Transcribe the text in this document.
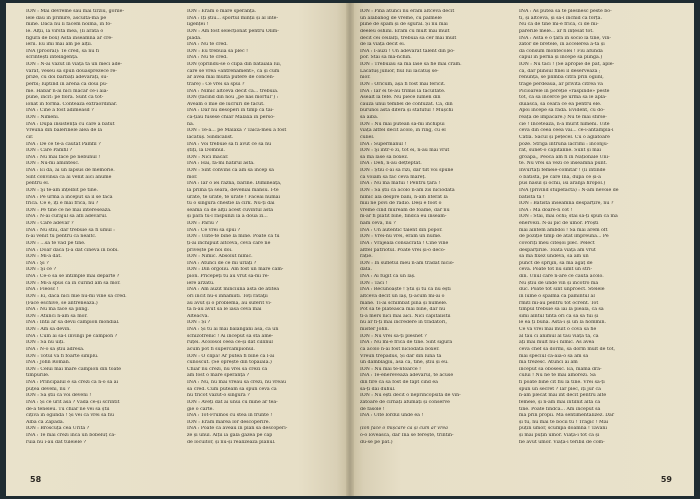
ION : Mai devreme sau mai tîrziu, gorile-

lele dau în primire, ascultă-mă pe

mine. Dacă nu li facem noima, în fo-

le. Alții, la vîrsta mea, (Îi arată o

figura de box) Asta înseamnă ar cre-

ierii. Eu îmi mai am pe alții.

INA (prooral): Te cred, să nu fi

scrîntești intelligența.

ION : N-ai văzut în viața ta un meci ade-

vărat, veseu să spun douăsprezece re-

prize, cu doi bărbați adevărați, su-

perbi; luptînd în arenă ca doui pu-

me. Habar n-ai nici măcar ce-i aia-

pune, încît: pe floră. Sunt că tot-

ionat în forma. Contează extraordinar.

INA : Cine a fost adimeasd ?

ION : Nimeni.

INA : După insistența cu care a bătut

Vreuna din balerinele alea de la

cir.

INA : De ce te-a căutat Pamfil ?

ION : Care Pamfil ?

INA : Nu mai face pe nebunul !

ION : Nu-mi amintesc.

INA : Ei da, ai un lapsus de memorie.

Sînt convinsă că ai venit aici anume

pentru el.

ION : Şi te-am înțelbit pe tine.

INA : Pe urmă a început să îl se facă

frică. Ce e, îți e mai frică, nu ?

ION : Pe tine ce ne mai înteresează.

INA : N-ai curajul să afli adevărul.

ION : Care adevăr ?

INA : Nu stiu, dar trebuie să fi umul :

n-ai venit tu pentru că nealtc.

ION : ...să te văd pe tine.

INA : Doar dacă ți-a dat cineva în bobi.

ION : Mi-a dat.

INA : Şi ?

ION : Şi ce ?

INA : Ce-o să se întîmple mai departe ?

ION : Mi-a spus că în curînd am să mor.

INA : Fleosc !

ION : Ei, dacă nici mie nu-mi vine să cred.

(Face eschive, se antrenează.)

INA : Nu mă face să plîng.

ION : Atunci n-am să mor.

INA : Intîi ar să devii campion mondial.

ION : Am să devin.

INA : Cum ai să-l învingi pe campion ?

ION : Să nu uiți.

INA : N-o să știu adresa.

ION : Totul va fi foarte simplu.

INA : John Roman.

ION : Celui mai mare campion din toate

timpurile.

INA : Principalul e să crezi că n-o să ai

puțea deveni, nu ?

ION : Să știi că voi deveni !

INA : Și ce urît asa ? Vădă ce-și scrîntit

de-a teneleu. Tu chiar ne vei să știi

cîțiva în ogîindă ! Și vei ca vrei să fiu

Albă ca Zăpadă.

ION : Broscuța cea Urîtă ?

INA : Te mai crezi încă un bobeluț că-

ruia nu i-au dat tuleiele ?

ION : Eram o mare speranță.

INA : Îți știu... sportul minții și al inte-

ligenței !

ION : Am fost selecționat pentru Olim-

piadă.

INA : Nu te cred.

ION : Eu trebuia să plec !

INA : Nu te cred.

ION (oprindu-se o clipă din bătăiala lui,

care se vrea «antrenament», ca și cum

ar avea mai multă putere de concen-

trare) : Ce vrei să spui ?

INA : Nimic altceva decît că... trebuia.

ION (făcînd din nou „pe nas mortul”) :

Aveam o mie de lucruri de făcut.

INA : Dar nu desoperi în timp că tai-

că-țiau fusese chiar Malaxa în perso-

nă.

ION : Te-a... pe Malaxa ? Taică-meu a fost

lăcătuș. Sindicalist.

INA : Voi trebuie să fi avut ce să nu

știți, la Domnul.

ION : Nici măcar.

INA : Hai, fă-mi hatîrul ăsta.

ION : Sînt convins că am să încep să

mor.

INA : Iar o iei razna, bărîne. Dimineața,

la prima ță seara, deveniai mansu. I-te

urâte, te urâte, te urâte ! Faceai numai

tu o singură chestie la cirk. Nu-ți dai

seama că de alții acest cuvîntul ăsta

și para tu-l râspunzi la a doua zi...

ION : Pariu ?

INA : Ce vrei să spui ?

ION : Ulite-te bine la mine. Poate că tu

ți-ai închipuit altceva, ceva care ne

privește pe noi doi.

ION : Nimic. Absolut nimic.

INA : Atunci de ce mi urlați ?

ION : Din orgoliu. Am fost un mare cam-

pion. Pricepeți tu au vrut să-mi re-

iere arzătu.

INA : Am auzit minciuna asta de atîtea

ori încît nu-s înhamiiti. Toți rataţii

au avut și o problemă, au suferit vi-

ta n-au avut să le iasă ceva mai

Alteacva.

ION : Și ?

INA : Și tu ai mai bălăngăni asa, ca un

schizofrenic ! Ai început să stă ame-

ruței. Acolosol ceea ce-și dat cillinul

acum pot fi supercampionul.

ION : O clipă! Ar putea fi bine că l-ai

cunoscut. (Se oprește din topăiaIă.)

Chiar nu crezi, nu vrei să crezi că

am fost o mare speranță ?

INA : Nu, nu mai vreau să crezi, nu vreau

să cred. Cum puteam să spun ceva că

nu tricot văzut-o singură ?

ION : Aveți dat ai unui cu mine ar tea-

gie o carte.

INA : Tot-Frumos cu stea în frunte !

ION : Eram marea lor descoperire.

INA : Poate că aveau în plan să descoperi-

ze și unul. Alții ia gală găzeă pe cap

de locuitor, și nu-și realizează planul.

58

ION : Pînă atunci nu eram altceva decît

un alăbănog de vreme, cu palmele

pline de spam și de sgurăl. Și nu mai

deeleu oshini. Eram cu mult mai mult

decît cei ceilalți, trebuia să cer mai mult

de la viață decît ei.

INA : I-auzi ! Un adevărat talent din po-

por. Stai să mă-nchin.

ION : Trebuiau să mă lase să fie mai cram.

Lăcătuș junior, fiul lui lăcătuș se-

nior.

ION : Oricum, așa fi fost mai fericit.

INA : Iar ei te-au trimis la facultate.

Asealt la fefe. Nu piece lumen din

cauza unui tembel de confuzat. Că, din

burunoi asta diferă și statutul ! Mușchi

să aibă.

ION : Nu mai putean să-mi închipui

viața altfel decît acolo, în ring, cu el

culiel.

INA : Supermanul !

ION : Şi într-o zi, tot ei, n-au mai vrut

să mă lase să boxez.

INA : Deh, n-au dețteptat.

ION : Știu c-ai să rîzi, dar tilt voi spune

că voiam să fac ceva măreț.

INA : Nu mă mătui ! Pentru țară !

ION : Să știi că acolo n-am zis niciodată

nimic ăla despre bani, n-am literat la

mîii ne povi de radio. Deși e foot o

vreme cînd muream de foame, dar nu

m-ar fi plătit bine, fîndcă eu înseam-

nam ceva, nu ?

INA : Un autentic talent din popor.

ION : Vrei-nu vrei, eram un nume.

INA : Vrăjeală consacrată ! Cine vine

altfel patriotul. Poate vrei și-o deco-

rație.

ION : În sufletul meu n-am trădat nicio-

dată.

INA : Ai fugit ca un laș.

ION : Taci !

INA : Recunoaște ! Știi și tu că nu ești

altceva decît un laș, ți-acum mi-ai o

mane. Ti-ai schimbat pînă și numele.

Pot să te plătească mai bine, dar nu

ti-a mers nici mai aici. Nici capitalistii

nu ar fi-ți mai încredere în trădători,

mister John.

ION : Nu vrei să-ți plesnet ?

INA : Nu mi-e frică de tine. Sînt sigură

că acolo n-ai fost niciodată boxer.

Vreun trepădus, Și dar din luna ta

un damblagiu, asa ca, tine, știu și eu.

ION : Nu mai te-ntoarce !

INA : Te-enerevează adevărul, te acuse

din fire ca să fost de fapt cînd ea

să-ți dai duhul.

ION : Nu ești decit o neprincopsită de vîn-

zătoare de cîrnați afumați și conserve

de fasole !

INA : Ulte lordul unde ea !

(Ion face o mișcare ca și cum ar vrea

o-o lovească, dar Ina se ferește, trîntin-

du-se pe pat.)

INA : As putea să te plesnesc peste bo-

ti, și altceva, și să-l închid că forța.

Nu că de tine mi-e frică, ci de mi-

părerile mele... ar fi înțesat tot.

INA : Asta e o țară în socio la tine, vin-

zător de bretele, în accelerea a-ta și

da consum montecolei ! Fiu afundă

capul în perna și începe să plîngă.)

ION : Nu taci ! (Se apropie de pat, aple-

că, dar plînsul finei il deserveaza ;

renunță, se plimbă cîtra prin ogîinl,

trage perdeaua, ar privită cîtreă vă

Picioarele in pereție «răspinde» peste

tot, ca să încerce pe urmă să le aplâ-

duiască, să ceară ce ea pentru ele.

Apoi începe să râdă. Evident, cu do-

reața de împăcare.) Nu te mai sfîrse-

cie ! Încetează, n-a murit nimeni. Uite

ceva din ceea ceea vai... ce-i-ântămpla-i

Câtla. Sacul și pețecel. Cu o aglatoare

poze. Strigă întruna lăcrimi : înconju-

rat, sunet-o căpitanne. Sunt și mai

groapă,, Peocă am fi în Naționale Uni-

te. Nu vrei să vezi ce înseamnă punt.

Invurtați femeie-comitar ! (Îi întinde

o batistă, pe care Ina, după ce și-a

pus nasul și ochii, îsi aranjă hropol.)

INA (privind stupefactă) : N-am nevoie de

batista ta !

ION : Batista înseamnă despărțire, nu ?

INA : Mă doare-n cot !

ION : Stai, mai ochi; stai să-ți spun că mă

enervezi. N-ai pic de umor. Proști

mai aintem ambdoi ! Să mai arem oft

de poziție timp de atat împreună... Pe

covoriți meu cîteșoi plec. Pelect

despărțirile. Toată viața am vrut

să mă fixez undeva, să am un

punct de sprijin, să mă agăț de

ceva. Poate tot nu simt un stri-

din. Unul care n-are ce căuta acolo.

Nu știu de unde vin și încotro mă

duc. Poate tot sînt unproect. Stelele

în lume o spalmă că pămîntul ăl

rmitl mi-au pentru tot ocrent. Tot

timpul trebuie să iai la pieâlă, ca să

simi alntul tîntă ori ca sa să tui și

le ea ți bună. Ăsta-i și un la hommin.

Ce vă vrei mai mult o cova să fie

al tău ci animul al tău viața ta, că

ați mai mult nu-i nimic. As avea

ceva chef să dormi, să dorm mult de tot,

mai speciul că-aia-o să am să

mă trezesc. Atunci ai am

început să obosesc. Ea, mama dra-

cului ! Nu ne te mai amorezi. Să

fi poate bine cît fiu la tine. Vrei să-ți

spun un secret ? Iar plec, îți jur că

n-am plecat mai înt decît pentru alte

femeie, și n-am mai întîlnit alta ca

tine. Poate fîndcă... Am început să

mă prin propii. Mă sentimentalizez. Dar

și tu, nu mai te bocii tu ! Trăgic ! Mai

puțin umor, scumpă doamnă ! Tavani

și mai puțin umor. Viața-i tot ca și

fie avut umor. Viața-i teribil de com-

59
